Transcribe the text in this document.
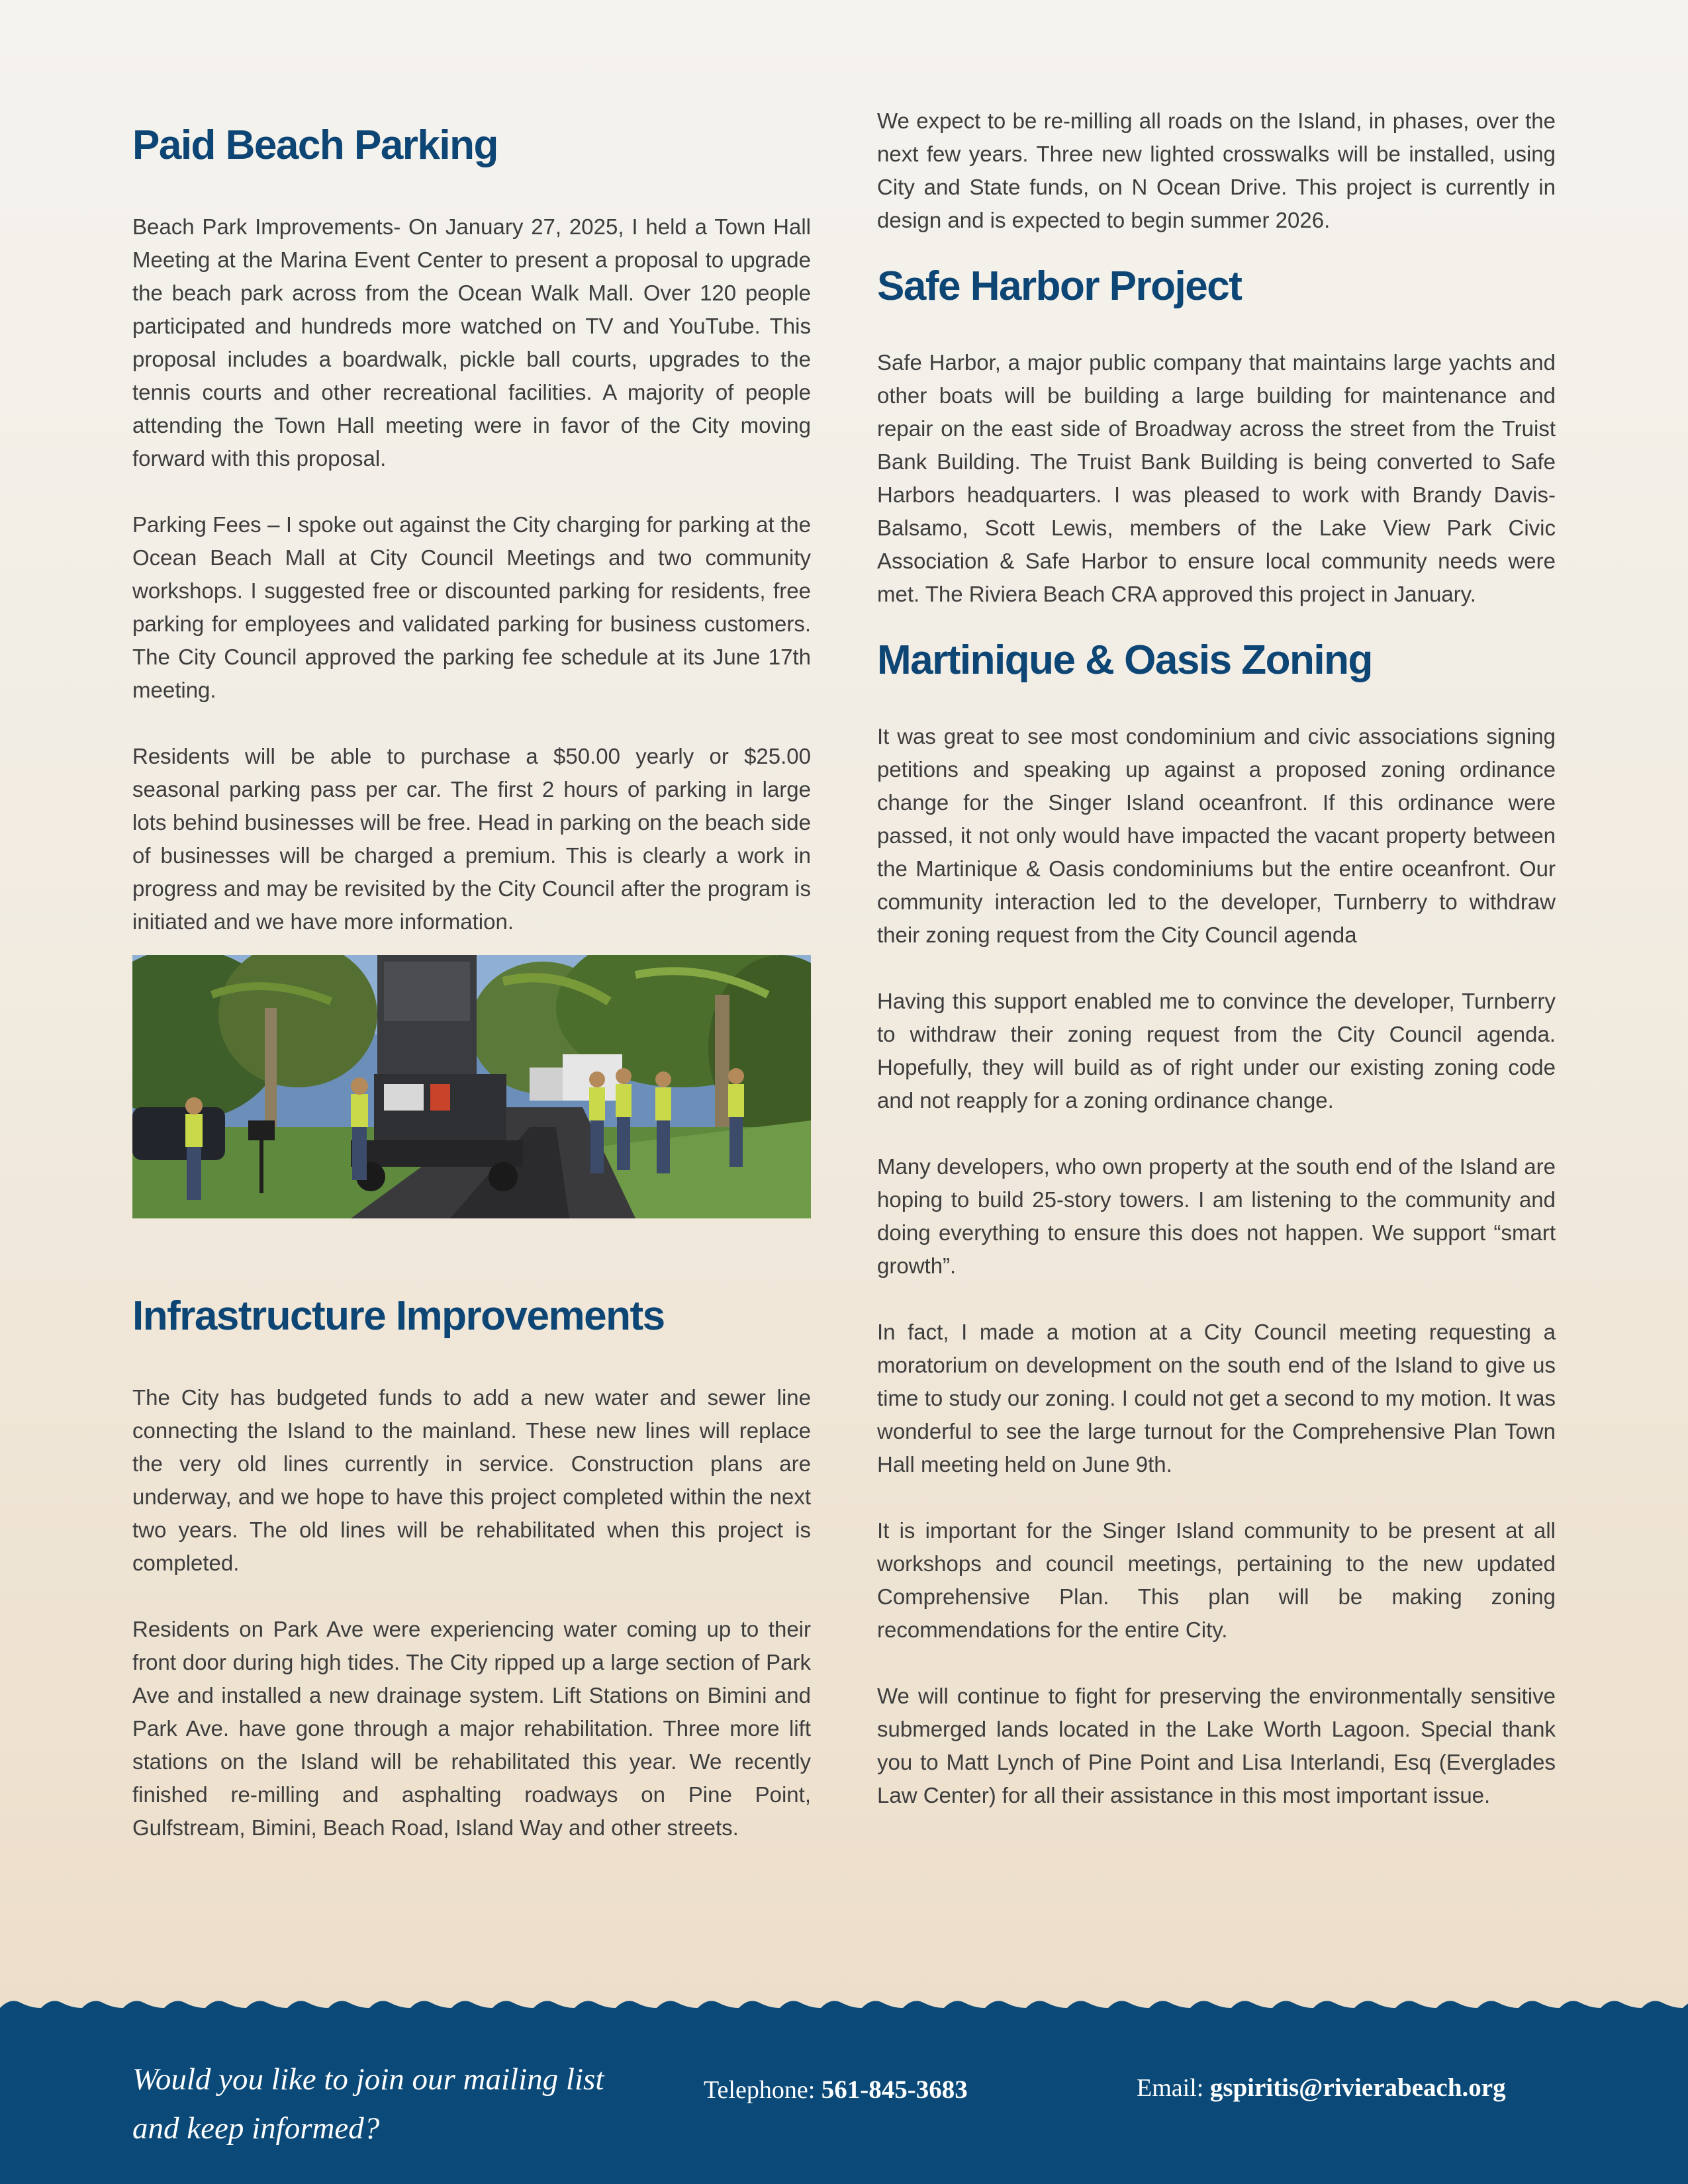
Paid Beach Parking

Beach Park Improvements- On January 27, 2025, I held a Town Hall Meeting at the Marina Event Center to present a proposal to upgrade the beach park across from the Ocean Walk Mall. Over 120 people participated and hundreds more watched on TV and YouTube. This proposal includes a boardwalk, pickle ball courts, upgrades to the tennis courts and other recreational facilities. A majority of people attending the Town Hall meeting were in favor of the City moving forward with this proposal.

Parking Fees – I spoke out against the City charging for parking at the Ocean Beach Mall at City Council Meetings and two community workshops. I suggested free or discounted parking for residents, free parking for employees and validated parking for business customers. The City Council approved the parking fee schedule at its June 17th meeting.

Residents will be able to purchase a $50.00 yearly or $25.00 seasonal parking pass per car. The first 2 hours of parking in large lots behind businesses will be free. Head in parking on the beach side of businesses will be charged a premium. This is clearly a work in progress and may be revisited by the City Council after the program is initiated and we have more information.

Infrastructure Improvements

The City has budgeted funds to add a new water and sewer line connecting the Island to the mainland. These new lines will replace the very old lines currently in service. Construction plans are underway, and we hope to have this project completed within the next two years. The old lines will be rehabilitated when this project is completed.

Residents on Park Ave were experiencing water coming up to their front door during high tides. The City ripped up a large section of Park Ave and installed a new drainage system. Lift Stations on Bimini and Park Ave. have gone through a major rehabilitation. Three more lift stations on the Island will be rehabilitated this year. We recently finished re-milling and asphalting roadways on Pine Point, Gulfstream, Bimini, Beach Road, Island Way and other streets.

We expect to be re-milling all roads on the Island, in phases, over the next few years. Three new lighted crosswalks will be installed, using City and State funds, on N Ocean Drive. This project is currently in design and is expected to begin summer 2026.

Safe Harbor Project

Safe Harbor, a major public company that maintains large yachts and other boats will be building a large building for maintenance and repair on the east side of Broadway across the street from the Truist Bank Building. The Truist Bank Building is being converted to Safe Harbors headquarters. I was pleased to work with Brandy Davis-Balsamo, Scott Lewis, members of the Lake View Park Civic Association & Safe Harbor to ensure local community needs were met. The Riviera Beach CRA approved this project in January.

Martinique & Oasis Zoning

It was great to see most condominium and civic associations signing petitions and speaking up against a proposed zoning ordinance change for the Singer Island oceanfront. If this ordinance were passed, it not only would have impacted the vacant property between the Martinique & Oasis condominiums but the entire oceanfront. Our community interaction led to the developer, Turnberry to withdraw their zoning request from the City Council agenda

Having this support enabled me to convince the developer, Turnberry to withdraw their zoning request from the City Council agenda. Hopefully, they will build as of right under our existing zoning code and not reapply for a zoning ordinance change.

Many developers, who own property at the south end of the Island are hoping to build 25-story towers. I am listening to the community and doing everything to ensure this does not happen. We support “smart growth”.

In fact, I made a motion at a City Council meeting requesting a moratorium on development on the south end of the Island to give us time to study our zoning. I could not get a second to my motion. It was wonderful to see the large turnout for the Comprehensive Plan Town Hall meeting held on June 9th.

It is important for the Singer Island community to be present at all workshops and council meetings, pertaining to the new updated Comprehensive Plan. This plan will be making zoning recommendations for the entire City.

We will continue to fight for preserving the environmentally sensitive submerged lands located in the Lake Worth Lagoon. Special thank you to Matt Lynch of Pine Point and Lisa Interlandi, Esq (Everglades Law Center) for all their assistance in this most important issue.

Would you like to join our mailing list
and keep informed?
Telephone: 561-845-3683	Email: gspiritis@rivierabeach.org
